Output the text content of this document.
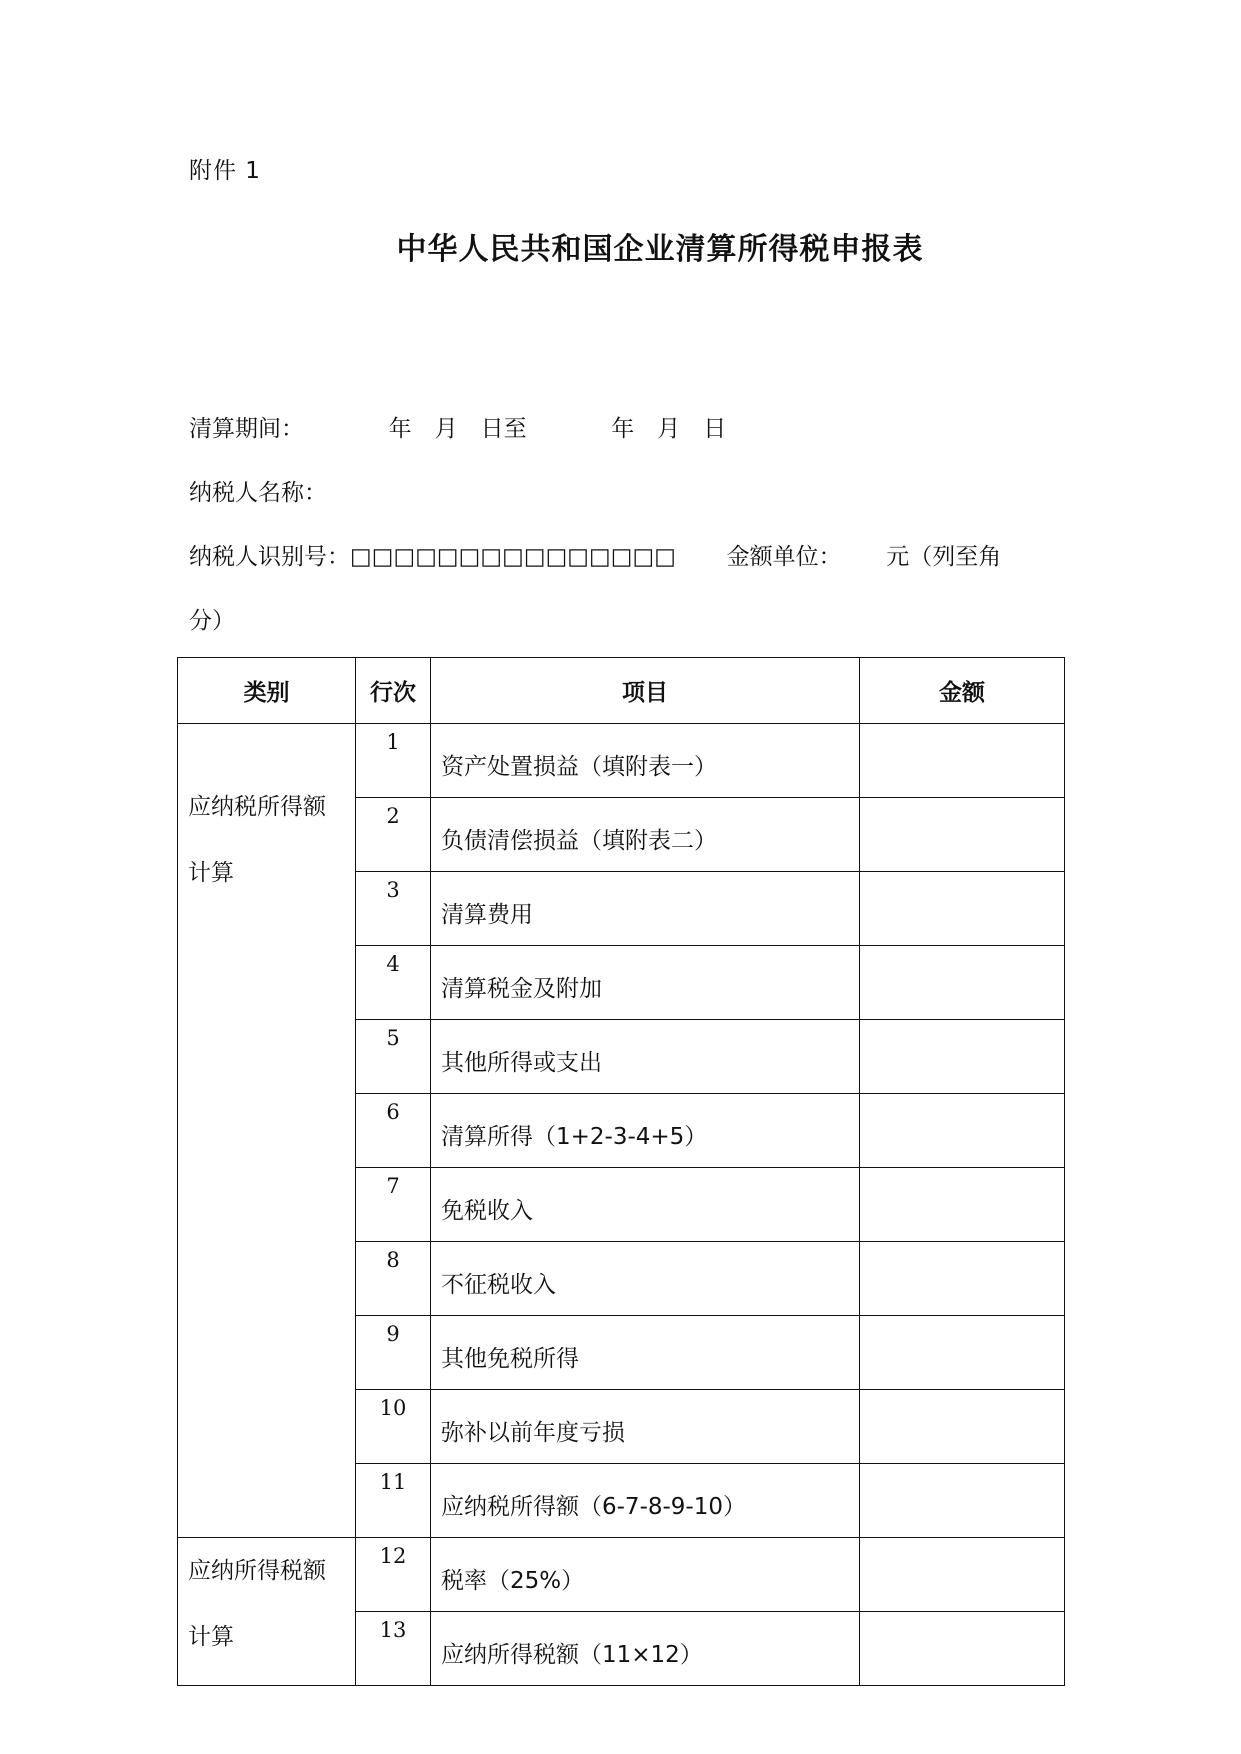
附件 1
中华人民共和国企业清算所得税申报表
清算期间：	年　月　日至	年　月　日
纳税人名称：
纳税人识别号：□□□□□□□□□□□□□□□ 金额单位： 元（列至角
分）
类别	行次	项目	金额

应纳税所得额
计算	1	资产处置损益（填附表一）	
	2	负债清偿损益（填附表二）	
	3	清算费用	
	4	清算税金及附加	
	5	其他所得或支出	
	6	清算所得（1+2-3-4+5）	
	7	免税收入	
	8	不征税收入	
	9	其他免税所得	
	10	弥补以前年度亏损	
	11	应纳税所得额（6-7-8-9-10）	

应纳所得税额
计算	12	税率（25%）	
	13	应纳所得税额（11×12）	
